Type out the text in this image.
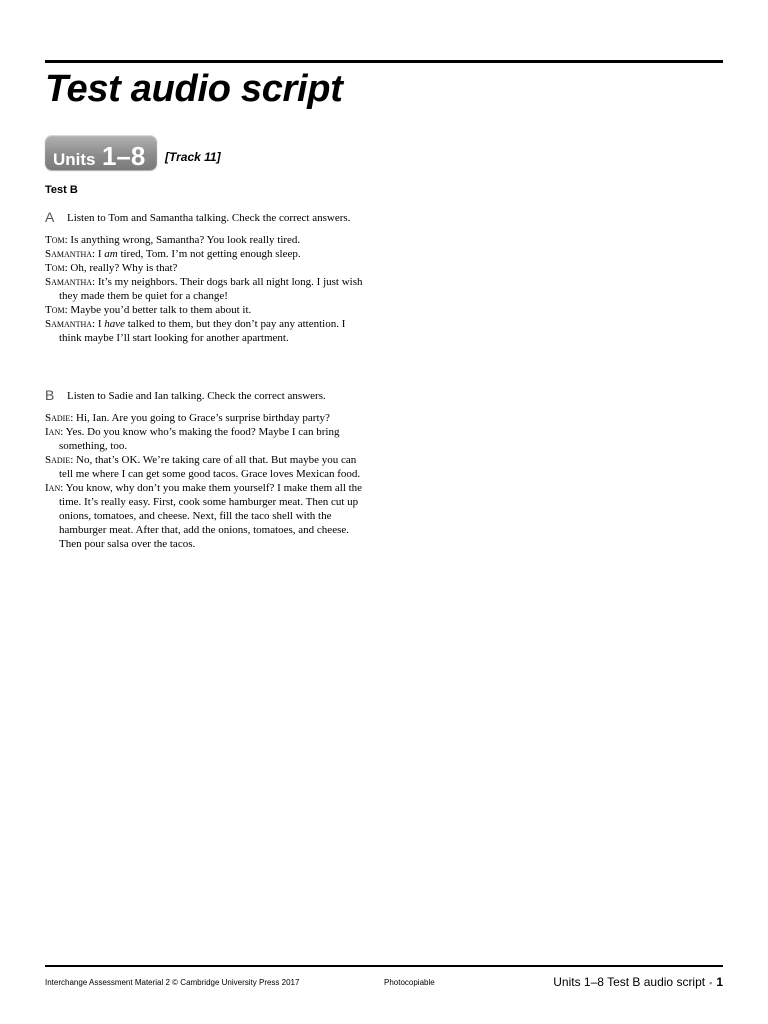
Test audio script
Units 1–8	[Track 11]
Test B
A	Listen to Tom and Samantha talking. Check the correct answers.
Tom: Is anything wrong, Samantha? You look really tired.
Samantha: I am tired, Tom. I’m not getting enough sleep.
Tom: Oh, really? Why is that?
Samantha: It’s my neighbors. Their dogs bark all night long. I just wish they made them be quiet for a change!
Tom: Maybe you’d better talk to them about it.
Samantha: I have talked to them, but they don’t pay any attention. I think maybe I’ll start looking for another apartment.
B	Listen to Sadie and Ian talking. Check the correct answers.
Sadie: Hi, Ian. Are you going to Grace’s surprise birthday party?
Ian: Yes. Do you know who’s making the food? Maybe I can bring something, too.
Sadie: No, that’s OK. We’re taking care of all that. But maybe you can tell me where I can get some good tacos. Grace loves Mexican food.
Ian: You know, why don’t you make them yourself? I make them all the time. It’s really easy. First, cook some hamburger meat. Then cut up onions, tomatoes, and cheese. Next, fill the taco shell with the hamburger meat. After that, add the onions, tomatoes, and cheese. Then pour salsa over the tacos.
Interchange Assessment Material 2 © Cambridge University Press 2017	Photocopiable	Units 1–8 Test B audio script ▪ 1
